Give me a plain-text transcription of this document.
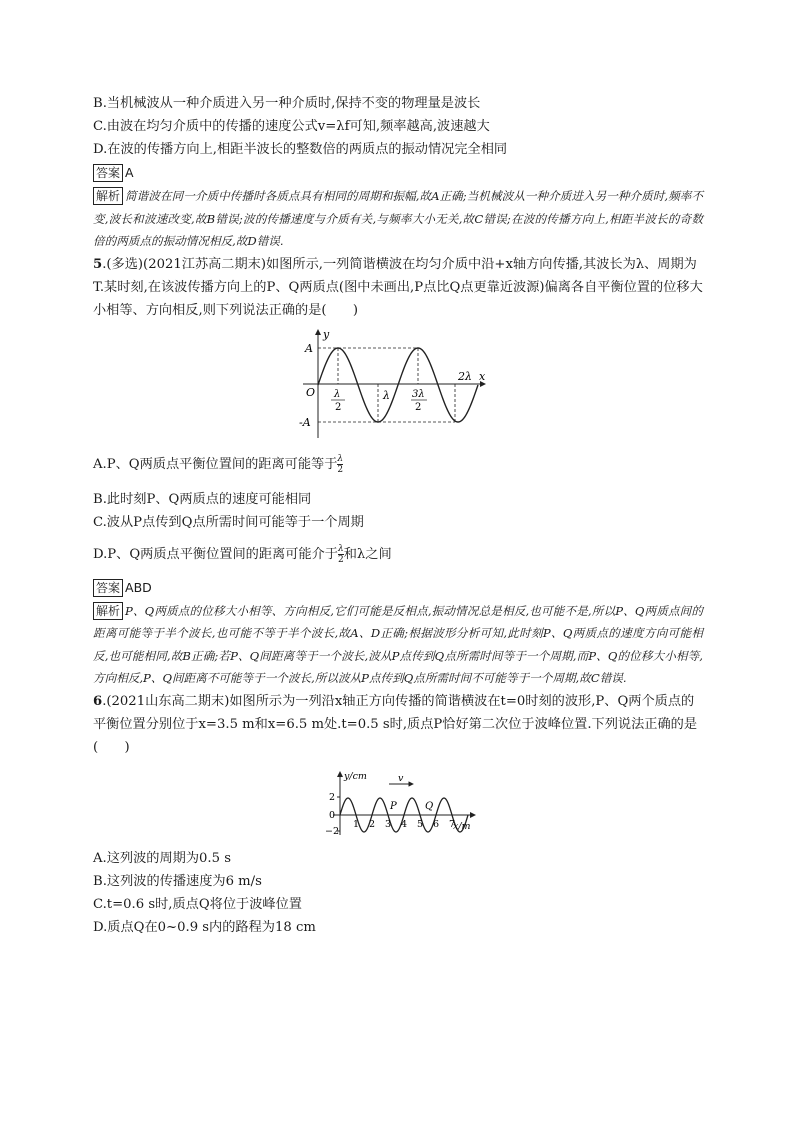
B.当机械波从一种介质进入另一种介质时,保持不变的物理量是波长
C.由波在均匀介质中的传播的速度公式v=λf可知,频率越高,波速越大
D.在波的传播方向上,相距半波长的整数倍的两质点的振动情况完全相同
答案 A
解析 简谐波在同一介质中传播时各质点具有相同的周期和振幅,故A正确;当机械波从一种介质进入另一种介质时,频率不变,波长和波速改变,故B错误;波的传播速度与介质有关,与频率大小无关,故C错误;在波的传播方向上,相距半波长的奇数倍的两质点的振动情况相反,故D错误.
5.(多选)(2021江苏高二期末)如图所示,一列简谐横波在均匀介质中沿+x轴方向传播,其波长为λ、周期为T.某时刻,在该波传播方向上的P、Q两质点(图中未画出,P点比Q点更靠近波源)偏离各自平衡位置的位移大小相等、方向相反,则下列说法正确的是(　　)
y
x
A
-A
O λ
2
λ 3λ
2
2λ
A.P、Q两质点平衡位置间的距离可能等于 $\frac{\lambda}{2}$
B.此时刻P、Q两质点的速度可能相同
C.波从P点传到Q点所需时间可能等于一个周期
D.P、Q两质点平衡位置间的距离可能介于 $\frac{\lambda}{2}$ 和λ之间
答案 ABD
解析 P、Q两质点的位移大小相等、方向相反,它们可能是反相点,振动情况总是相反,也可能不是,所以P、Q两质点间的距离可能等于半个波长,也可能不等于半个波长,故A、D正确;根据波形分析可知,此时刻P、Q两质点的速度方向可能相反,也可能相同,故B正确;若P、Q间距离等于一个波长,波从P点传到Q点所需时间等于一个周期,而P、Q的位移大小相等,方向相反,P、Q间距离不可能等于一个波长,所以波从P点传到Q点所需时间不可能等于一个周期,故C错误.
6.(2021山东高二期末)如图所示为一列沿x轴正方向传播的简谐横波在t=0时刻的波形,P、Q两个质点的平衡位置分别位于x=3.5 m和x=6.5 m处.t=0.5 s时,质点P恰好第二次位于波峰位置.下列说法正确的是(　　)
1 2 3 4 5 6 7
y/cm
x/m
v
P	Q
2
0
−2
A.这列波的周期为0.5 s
B.这列波的传播速度为6 m/s
C.t=0.6 s时,质点Q将位于波峰位置
D.质点Q在0~0.9 s内的路程为18 cm
